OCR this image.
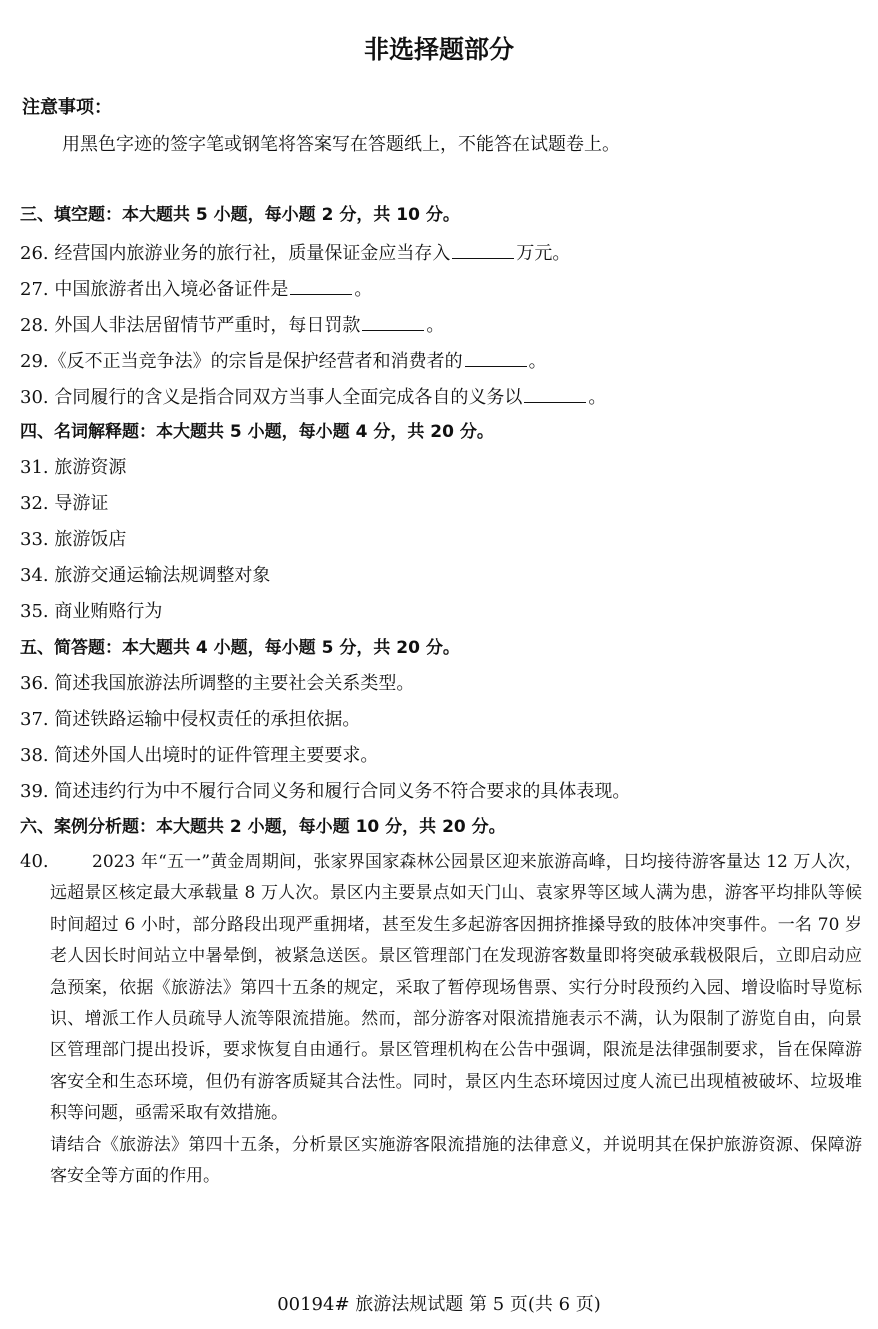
非选择题部分
注意事项：
用黑色字迹的签字笔或钢笔将答案写在答题纸上，不能答在试题卷上。
三、填空题：本大题共 5 小题，每小题 2 分，共 10 分。
26. 经营国内旅游业务的旅行社，质量保证金应当存入	万元。
27. 中国旅游者出入境必备证件是	。
28. 外国人非法居留情节严重时，每日罚款	。
29.《反不正当竞争法》的宗旨是保护经营者和消费者的	。
30. 合同履行的含义是指合同双方当事人全面完成各自的义务以	。
四、名词解释题：本大题共 5 小题，每小题 4 分，共 20 分。
31. 旅游资源
32. 导游证
33. 旅游饭店
34. 旅游交通运输法规调整对象
35. 商业贿赂行为
五、简答题：本大题共 4 小题，每小题 5 分，共 20 分。
36. 简述我国旅游法所调整的主要社会关系类型。
37. 简述铁路运输中侵权责任的承担依据。
38. 简述外国人出境时的证件管理主要要求。
39. 简述违约行为中不履行合同义务和履行合同义务不符合要求的具体表现。
六、案例分析题：本大题共 2 小题，每小题 10 分，共 20 分。
40.	2023 年“五一”黄金周期间，张家界国家森林公园景区迎来旅游高峰，日均接待游客量达 12 万人次，远超景区核定最大承载量 8 万人次。景区内主要景点如天门山、袁家界等区域人满为患，游客平均排队等候时间超过 6 小时，部分路段出现严重拥堵，甚至发生多起游客因拥挤推搡导致的肢体冲突事件。一名 70 岁老人因长时间站立中暑晕倒，被紧急送医。景区管理部门在发现游客数量即将突破承载极限后，立即启动应急预案，依据《旅游法》第四十五条的规定，采取了暂停现场售票、实行分时段预约入园、增设临时导览标识、增派工作人员疏导人流等限流措施。然而，部分游客对限流措施表示不满，认为限制了游览自由，向景区管理部门提出投诉，要求恢复自由通行。景区管理机构在公告中强调，限流是法律强制要求，旨在保障游客安全和生态环境，但仍有游客质疑其合法性。同时，景区内生态环境因过度人流已出现植被破坏、垃圾堆积等问题，亟需采取有效措施。

请结合《旅游法》第四十五条，分析景区实施游客限流措施的法律意义，并说明其在保护旅游资源、保障游客安全等方面的作用。

00194# 旅游法规试题 第 5 页(共 6 页)
